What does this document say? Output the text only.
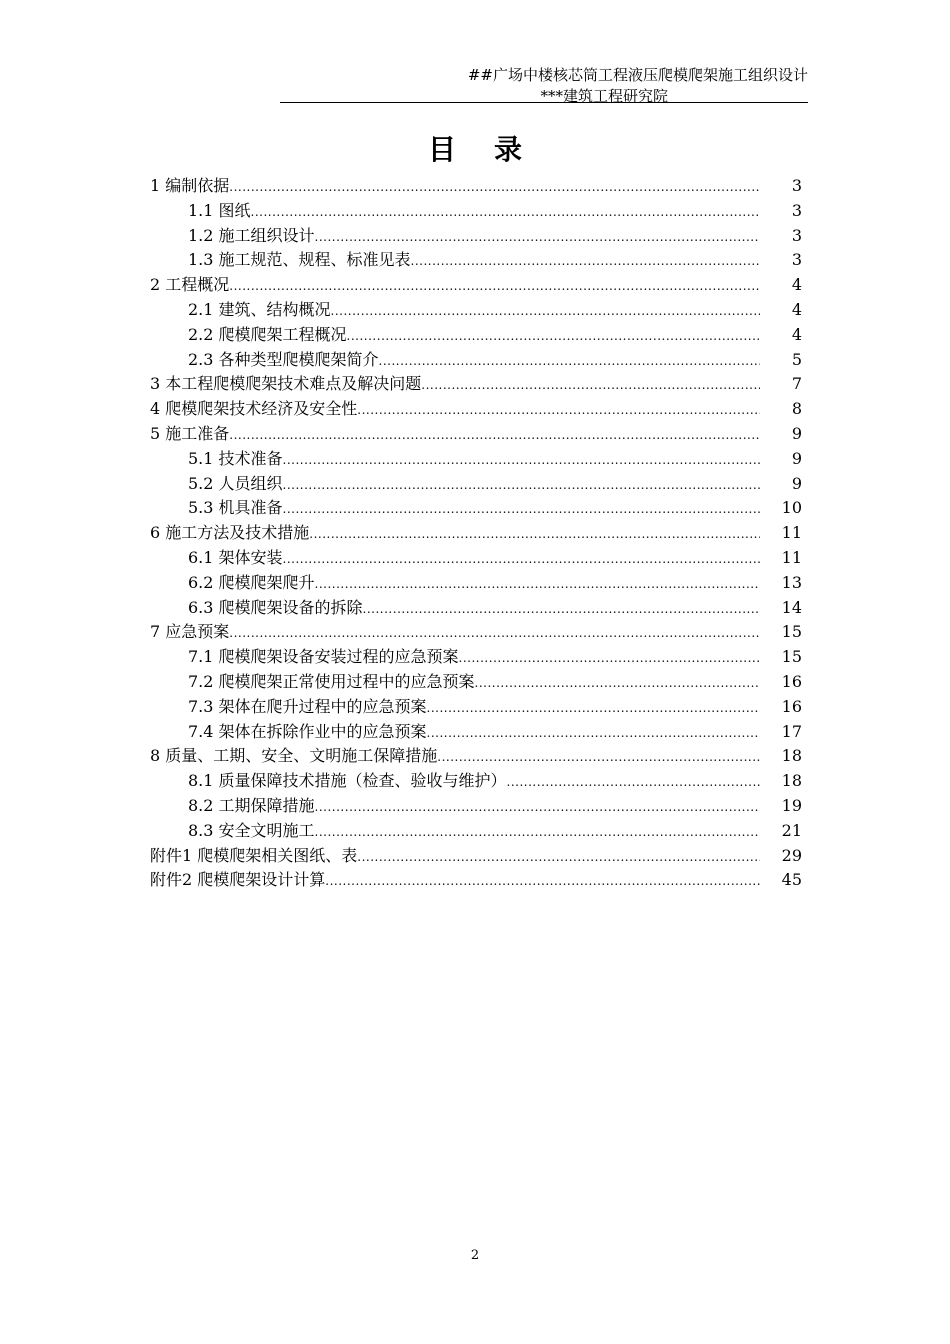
##广场中楼核芯筒工程液压爬模爬架施工组织设计
***建筑工程研究院
目录
1 编制依据 .....	3
1.1 图纸 .....	3
1.2 施工组织设计 .....	3
1.3 施工规范、规程、标准见表 .....	3
2 工程概况 .....	4
2.1 建筑、结构概况 .....	4
2.2 爬模爬架工程概况 .....	4
2.3 各种类型爬模爬架简介 .....	5
3 本工程爬模爬架技术难点及解决问题 .....	7
4 爬模爬架技术经济及安全性 .....	8
5 施工准备 .....	9
5.1 技术准备 .....	9
5.2 人员组织 .....	9
5.3 机具准备 .....	10
6 施工方法及技术措施 .....	11
6.1 架体安装 .....	11
6.2 爬模爬架爬升 .....	13
6.3 爬模爬架设备的拆除 .....	14
7 应急预案 .....	15
7.1 爬模爬架设备安装过程的应急预案 .....	15
7.2 爬模爬架正常使用过程中的应急预案 .....	16
7.3 架体在爬升过程中的应急预案 .....	16
7.4 架体在拆除作业中的应急预案 .....	17
8 质量、工期、安全、文明施工保障措施 .....	18
8.1 质量保障技术措施（检查、验收与维护） .....	18
8.2 工期保障措施 .....	19
8.3 安全文明施工 .....	21
附件1 爬模爬架相关图纸、表 .....	29
附件2 爬模爬架设计计算 .....	45
2
